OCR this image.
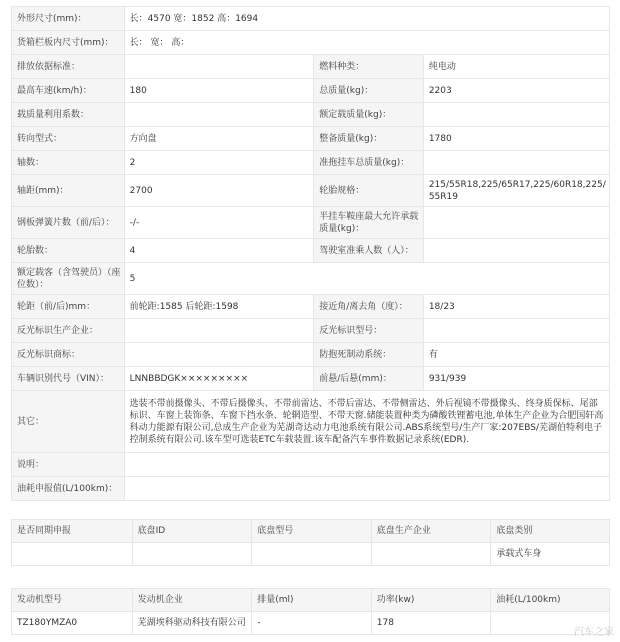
外形尺寸(mm)：	长：4570 宽：1852 高：1694		
货箱栏板内尺寸(mm)：	长： 宽： 高：		
排放依据标准：		燃料种类：	纯电动
最高车速(km/h)：	180	总质量(kg)：	2203
载质量利用系数：		额定载质量(kg)：	
转向型式：	方向盘	整备质量(kg)：	1780
轴数：	2	准拖挂车总质量(kg)：	
轴距(mm)：	2700	轮胎规格：	215/55R18,225/65R17,225/60R18,225/55R19
钢板弹簧片数（前/后）：	-/-	半挂车鞍座最大允许承载质量(kg)：	
轮胎数：	4	驾驶室准乘人数（人）：	
额定载客（含驾驶员）（座位数）：	5		
轮距（前/后)mm：	前轮距:1585 后轮距:1598	接近角/离去角（度）：	18/23
反光标识生产企业：		反光标识型号：	
反光标识商标：		防抱死制动系统：	有
车辆识别代号（VIN）：	LNNBBDGK×××××××××	前悬/后悬(mm)：	931/939
其它：	选装不带前摄像头、不带后摄像头、不带前雷达、不带后雷达、不带侧雷达、外后视镜不带摄像头、终身质保标、尾部标识、车窗上装饰条、车窗下挡水条、轮辋造型、不带天窗.储能装置种类为磷酸铁锂蓄电池,单体生产企业为合肥国轩高科动力能源有限公司,总成生产企业为芜湖奇达动力电池系统有限公司.ABS系统型号/生产厂家:207EBS/芜湖伯特利电子控制系统有限公司.该车型可选装ETC车载装置.该车配备汽车事件数据记录系统(EDR).		
说明：			
油耗申报值(L/100km)：			
是否同期申报	底盘ID	底盘型号	底盘生产企业	底盘类别
				承载式车身
发动机型号	发动机企业	排量(ml)	功率(kw)	油耗(L/100km)
TZ180YMZA0	芜湖埃科驱动科技有限公司	-	178	
汽车之家
